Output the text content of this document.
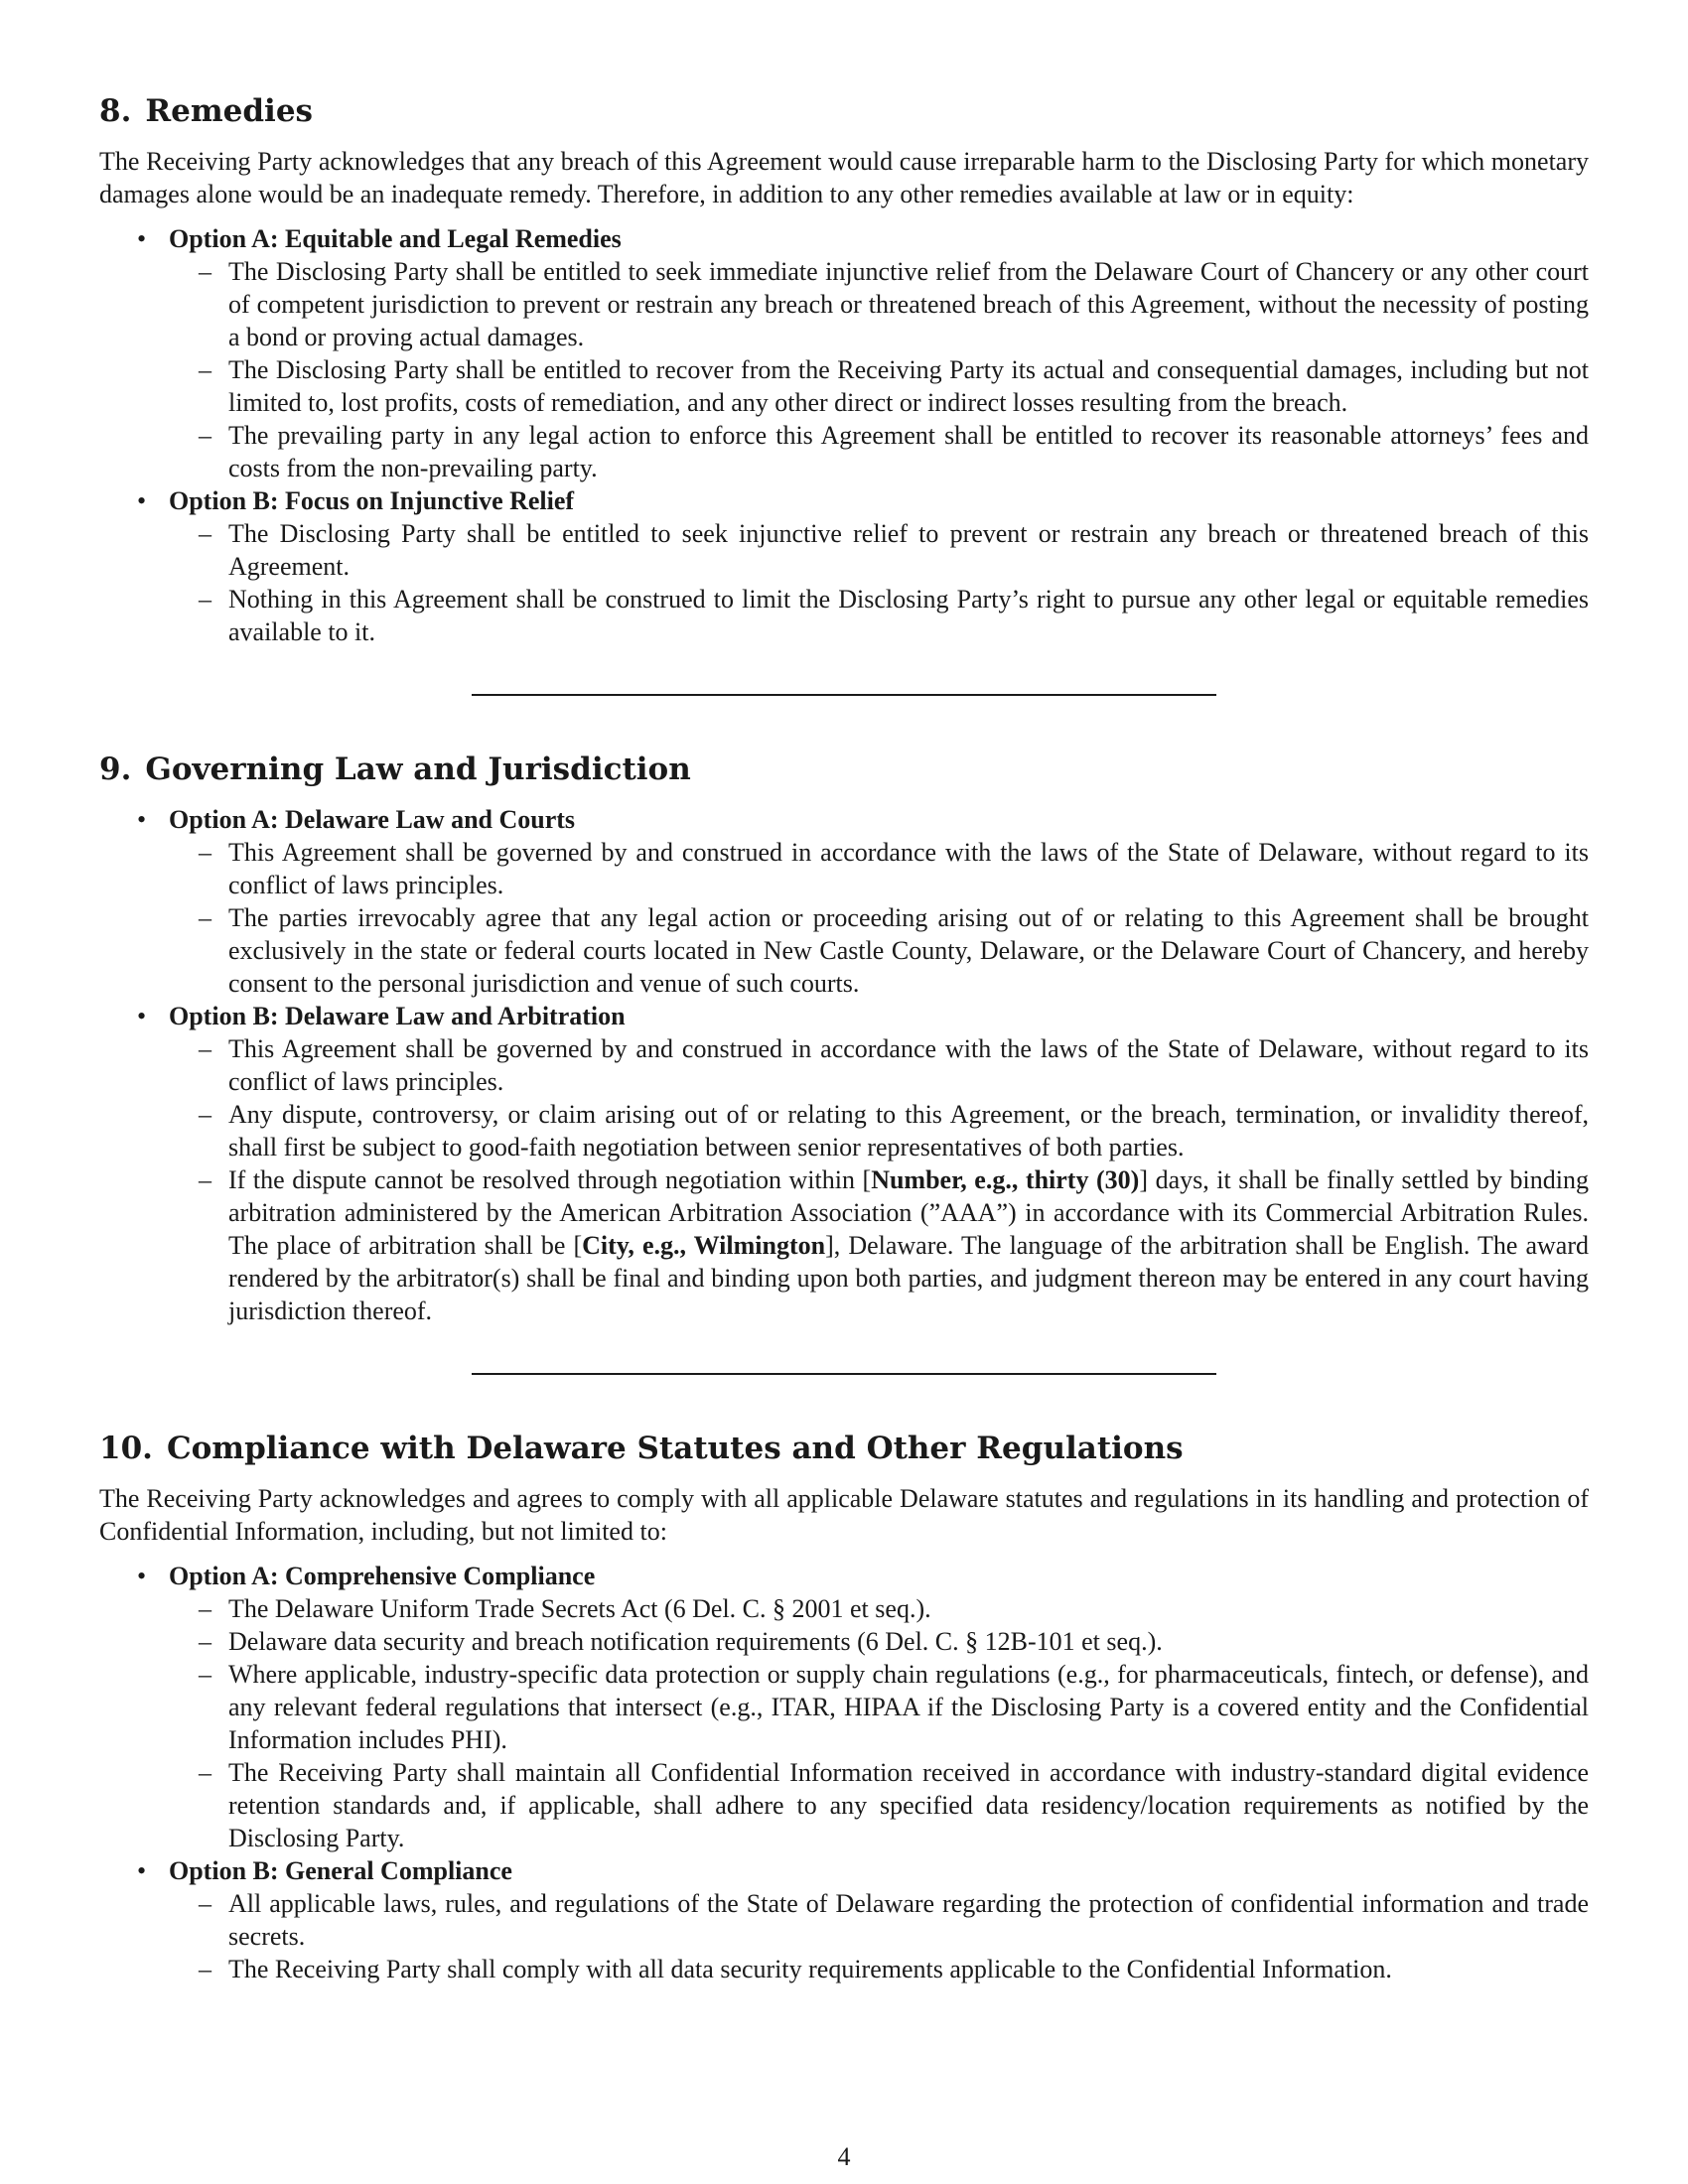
8. Remedies

The Receiving Party acknowledges that any breach of this Agreement would cause irreparable harm to the Disclosing Party for which monetary damages alone would be an inadequate remedy. Therefore, in addition to any other remedies available at law or in equity:

• Option A: Equitable and Legal Remedies
– The Disclosing Party shall be entitled to seek immediate injunctive relief from the Delaware Court of Chancery or any other court of competent jurisdiction to prevent or restrain any breach or threatened breach of this Agreement, without the necessity of posting a bond or proving actual damages.
– The Disclosing Party shall be entitled to recover from the Receiving Party its actual and consequential damages, including but not limited to, lost profits, costs of remediation, and any other direct or indirect losses resulting from the breach.
– The prevailing party in any legal action to enforce this Agreement shall be entitled to recover its reasonable attorneys’ fees and costs from the non-prevailing party.
• Option B: Focus on Injunctive Relief
– The Disclosing Party shall be entitled to seek injunctive relief to prevent or restrain any breach or threatened breach of this Agreement.
– Nothing in this Agreement shall be construed to limit the Disclosing Party’s right to pursue any other legal or equitable remedies available to it.
9. Governing Law and Jurisdiction
• Option A: Delaware Law and Courts
– This Agreement shall be governed by and construed in accordance with the laws of the State of Delaware, without regard to its conflict of laws principles.
– The parties irrevocably agree that any legal action or proceeding arising out of or relating to this Agreement shall be brought exclusively in the state or federal courts located in New Castle County, Delaware, or the Delaware Court of Chancery, and hereby consent to the personal jurisdiction and venue of such courts.
• Option B: Delaware Law and Arbitration
– This Agreement shall be governed by and construed in accordance with the laws of the State of Delaware, without regard to its conflict of laws principles.
– Any dispute, controversy, or claim arising out of or relating to this Agreement, or the breach, termination, or invalidity thereof, shall first be subject to good-faith negotiation between senior representatives of both parties.
– If the dispute cannot be resolved through negotiation within [Number, e.g., thirty (30)] days, it shall be finally settled by binding arbitration administered by the American Arbitration Association (”AAA”) in accordance with its Commercial Arbitration Rules. The place of arbitration shall be [City, e.g., Wilmington], Delaware. The language of the arbitration shall be English. The award rendered by the arbitrator(s) shall be final and binding upon both parties, and judgment thereon may be entered in any court having jurisdiction thereof.
10. Compliance with Delaware Statutes and Other Regulations

The Receiving Party acknowledges and agrees to comply with all applicable Delaware statutes and regulations in its handling and protection of Confidential Information, including, but not limited to:

• Option A: Comprehensive Compliance
– The Delaware Uniform Trade Secrets Act (6 Del. C. § 2001 et seq.).
– Delaware data security and breach notification requirements (6 Del. C. § 12B-101 et seq.).
– Where applicable, industry-specific data protection or supply chain regulations (e.g., for pharmaceuticals, fintech, or defense), and any relevant federal regulations that intersect (e.g., ITAR, HIPAA if the Disclosing Party is a covered entity and the Confidential Information includes PHI).
– The Receiving Party shall maintain all Confidential Information received in accordance with industry-standard digital evidence retention standards and, if applicable, shall adhere to any specified data residency/location requirements as notified by the Disclosing Party.
• Option B: General Compliance
– All applicable laws, rules, and regulations of the State of Delaware regarding the protection of confidential information and trade secrets.
– The Receiving Party shall comply with all data security requirements applicable to the Confidential Information.
4
